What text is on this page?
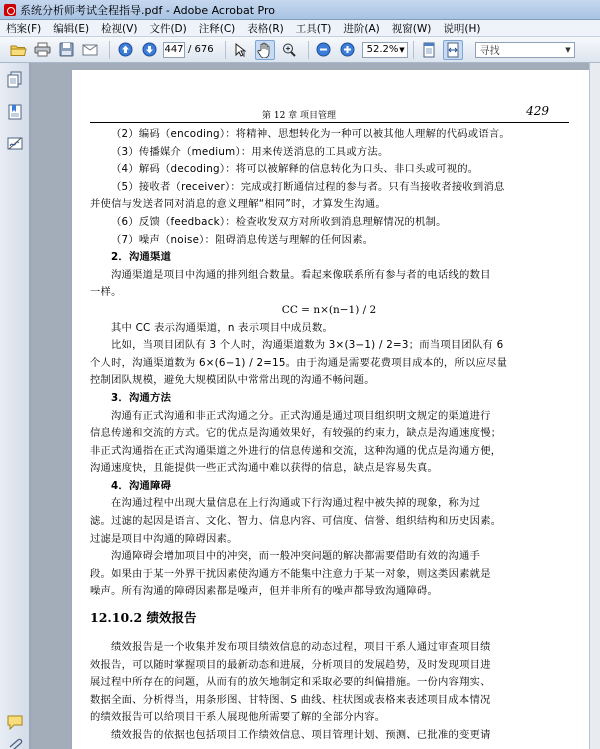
系统分析师考试全程指导.pdf - Adobe Acrobat Pro
档案(F) 编辑(E) 检视(V) 文件(D) 注释(C) 表格(R) 工具(T) 进阶(A) 视窗(W) 说明(H)
447 / 676	I	52.2% ▼	寻找	▼
第 12 章 项目管理	429
（2）编码（encoding）：将精神、思想转化为一种可以被其他人理解的代码或语言。
（3）传播媒介（medium）：用来传送消息的工具或方法。
（4）解码（decoding）：将可以被解释的信息转化为口头、非口头或可视的。
（5）接收者（receiver）：完成或打断通信过程的参与者。只有当接收者接收到消息
并使信与发送者同对消息的意义理解“相同”时，才算发生沟通。
（6）反馈（feedback）：检查收发双方对所收到消息理解情况的机制。
（7）噪声（noise）：阻碍消息传送与理解的任何因素。
2．沟通渠道
沟通渠道是项目中沟通的排列组合数量。看起来像联系所有参与者的电话线的数目
一样。
CC = n×(n−1) / 2
其中 CC 表示沟通渠道，n 表示项目中成员数。
比如，当项目团队有 3 个人时，沟通渠道数为 3×(3−1) / 2=3；而当项目团队有 6
个人时，沟通渠道数为 6×(6−1) / 2=15。由于沟通是需要花费项目成本的，所以应尽量
控制团队规模，避免大规模团队中常常出现的沟通不畅问题。
3．沟通方法
沟通有正式沟通和非正式沟通之分。正式沟通是通过项目组织明文规定的渠道进行
信息传递和交流的方式。它的优点是沟通效果好，有较强的约束力，缺点是沟通速度慢；
非正式沟通指在正式沟通渠道之外进行的信息传递和交流，这种沟通的优点是沟通方便，
沟通速度快，且能提供一些正式沟通中难以获得的信息，缺点是容易失真。
4．沟通障碍
在沟通过程中出现大量信息在上行沟通或下行沟通过程中被失掉的现象，称为过
滤。过滤的起因是语言、文化、智力、信息内容、可信度、信誉、组织结构和历史因素。
过滤是项目中沟通的障碍因素。
沟通障碍会增加项目中的冲突，而一般冲突问题的解决都需要借助有效的沟通手
段。如果由于某一外界干扰因素使沟通方不能集中注意力于某一对象，则这类因素就是
噪声。所有沟通的障碍因素都是噪声，但并非所有的噪声都导致沟通障碍。
12.10.2 绩效报告
绩效报告是一个收集并发布项目绩效信息的动态过程，项目干系人通过审查项目绩
效报告，可以随时掌握项目的最新动态和进展，分析项目的发展趋势，及时发现项目进
展过程中所存在的问题，从而有的放矢地制定和采取必要的纠偏措施。一份内容翔实、
数据全面、分析得当，用条形图、甘特图、S 曲线、柱状图或表格来表述项目成本情况
的绩效报告可以给项目干系人展现他所需要了解的全部分内容。
绩效报告的依据也包括项目工作绩效信息、项目管理计划、预测、已批准的变更请
